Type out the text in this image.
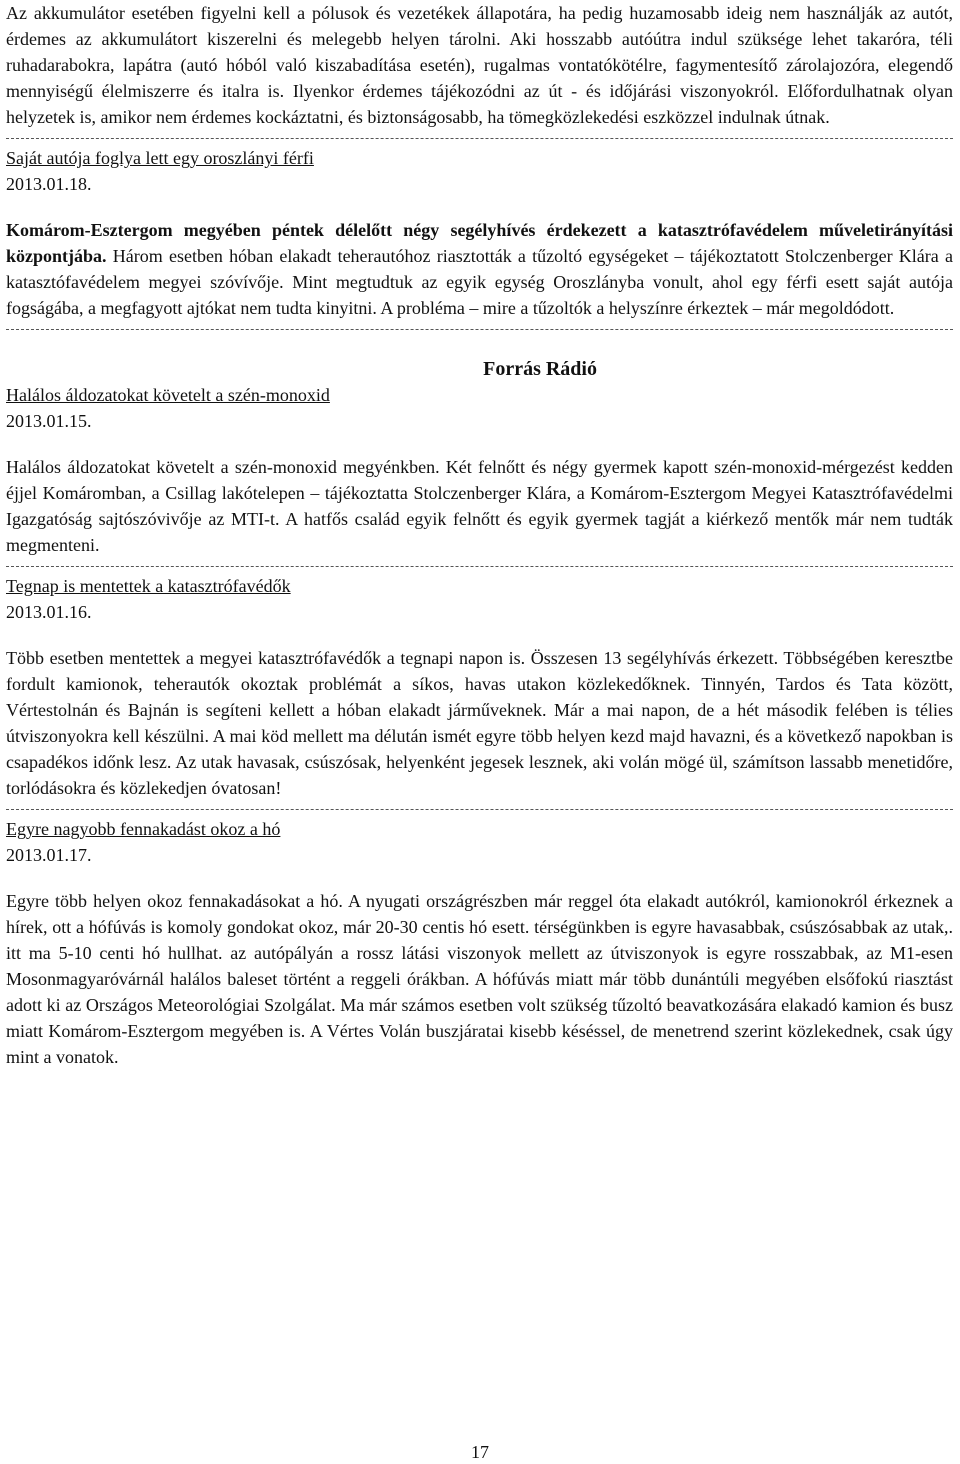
Az akkumulátor esetében figyelni kell a pólusok és vezetékek állapotára, ha pedig huzamosabb ideig nem használják az autót, érdemes az akkumulátort kiszerelni és melegebb helyen tárolni. Aki hosszabb autóútra indul szüksége lehet takaróra, téli ruhadarabokra, lapátra (autó hóból való kiszabadítása esetén), rugalmas vontatókötélre, fagymentesítő zárolajozóra, elegendő mennyiségű élelmiszerre és italra is. Ilyenkor érdemes tájékozódni az út - és időjárási viszonyokról. Előfordulhatnak olyan helyzetek is, amikor nem érdemes kockáztatni, és biztonságosabb, ha tömegközlekedési eszközzel indulnak útnak.

Saját autója foglya lett egy oroszlányi férfi

2013.01.18.

Komárom-Esztergom megyében péntek délelőtt négy segélyhívés érdekezett a katasztrófavédelem műveletirányítási központjába. Három esetben hóban elakadt teherautóhoz riasztották a tűzoltó egységeket – tájékoztatott Stolczenberger Klára a katasztófavédelem megyei szóvívője. Mint megtudtuk az egyik egység Oroszlányba vonult, ahol egy férfi esett saját autója fogságába, a megfagyott ajtókat nem tudta kinyitni. A probléma – mire a tűzoltók a helyszínre érkeztek – már megoldódott.

Forrás Rádió

Halálos áldozatokat követelt a szén-monoxid

2013.01.15.

Halálos áldozatokat követelt a szén-monoxid megyénkben. Két felnőtt és négy gyermek kapott szén-monoxid-mérgezést kedden éjjel Komáromban, a Csillag lakótelepen – tájékoztatta Stolczenberger Klára, a Komárom-Esztergom Megyei Katasztrófavédelmi Igazgatóság sajtószóvivője az MTI-t. A hatfős család egyik felnőtt és egyik gyermek tagját a kiérkező mentők már nem tudták megmenteni.

Tegnap is mentettek a katasztrófavédők

2013.01.16.

Több esetben mentettek a megyei katasztrófavédők a tegnapi napon is. Összesen 13 segélyhívás érkezett. Többségében keresztbe fordult kamionok, teherautók okoztak problémát a síkos, havas utakon közlekedőknek. Tinnyén, Tardos és Tata között, Vértestolnán és Bajnán is segíteni kellett a hóban elakadt járműveknek. Már a mai napon, de a hét második felében is télies útviszonyokra kell készülni. A mai köd mellett ma délután ismét egyre több helyen kezd majd havazni, és a következő napokban is csapadékos időnk lesz. Az utak havasak, csúszósak, helyenként jegesek lesznek, aki volán mögé ül, számítson lassabb menetidőre, torlódásokra és közlekedjen óvatosan!

Egyre nagyobb fennakadást okoz a hó

2013.01.17.

Egyre több helyen okoz fennakadásokat a hó. A nyugati országrészben már reggel óta elakadt autókról, kamionokról érkeznek a hírek, ott a hófúvás is komoly gondokat okoz, már 20-30 centis hó esett. térségünkben is egyre havasabbak, csúszósabbak az utak,. itt ma 5-10 centi hó hullhat. az autópályán a rossz látási viszonyok mellett az útviszonyok is egyre rosszabbak, az M1-esen Mosonmagyaróvárnál halálos baleset történt a reggeli órákban. A hófúvás miatt már több dunántúli megyében elsőfokú riasztást adott ki az Országos Meteorológiai Szolgálat. Ma már számos esetben volt szükség tűzoltó beavatkozására elakadó kamion és busz miatt Komárom-Esztergom megyében is. A Vértes Volán buszjáratai kisebb késéssel, de menetrend szerint közlekednek, csak úgy mint a vonatok.

17
